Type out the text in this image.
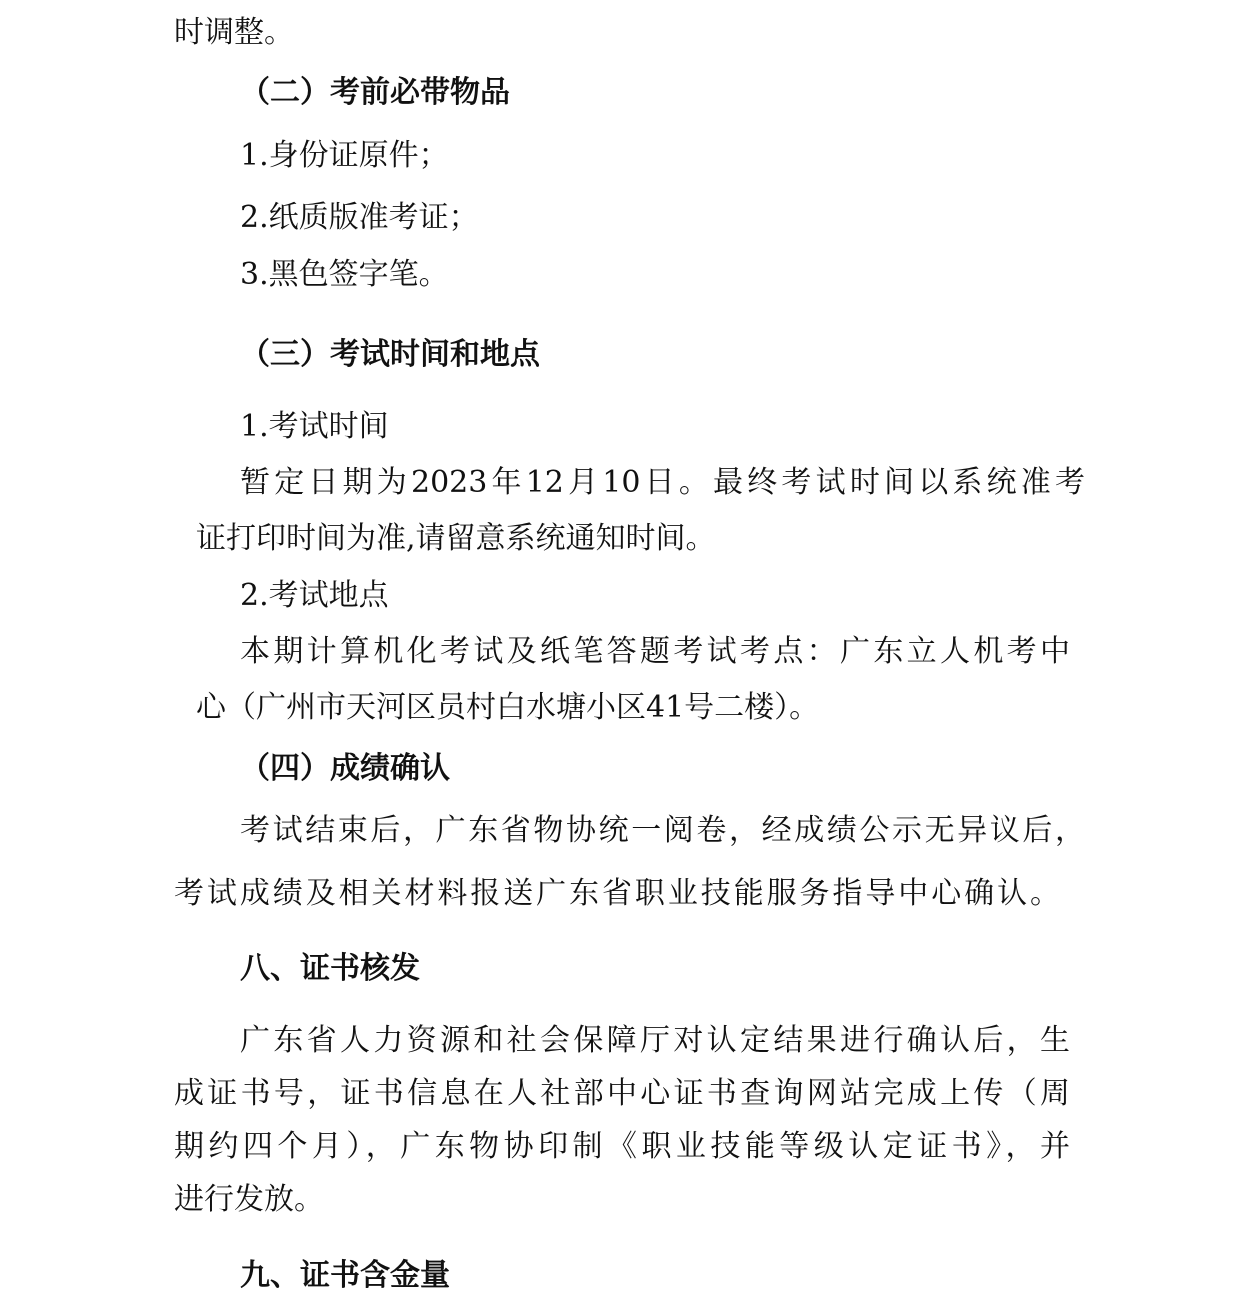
时调整。
（二）考前必带物品
1.身份证原件；
2.纸质版准考证；
3.黑色签字笔。
（三）考试时间和地点
1.考试时间
暂定日期为2023年12月10日。最终考试时间以系统准考
证打印时间为准,请留意系统通知时间。
2.考试地点
本期计算机化考试及纸笔答题考试考点：广东立人机考中
心（广州市天河区员村白水塘小区41号二楼）。
（四）成绩确认
考试结束后，广东省物协统一阅卷，经成绩公示无异议后，
考试成绩及相关材料报送广东省职业技能服务指导中心确认。
八、证书核发
广东省人力资源和社会保障厅对认定结果进行确认后，生
成证书号，证书信息在人社部中心证书查询网站完成上传（周
期约四个月），广东物协印制《职业技能等级认定证书》，并
进行发放。
九、证书含金量
